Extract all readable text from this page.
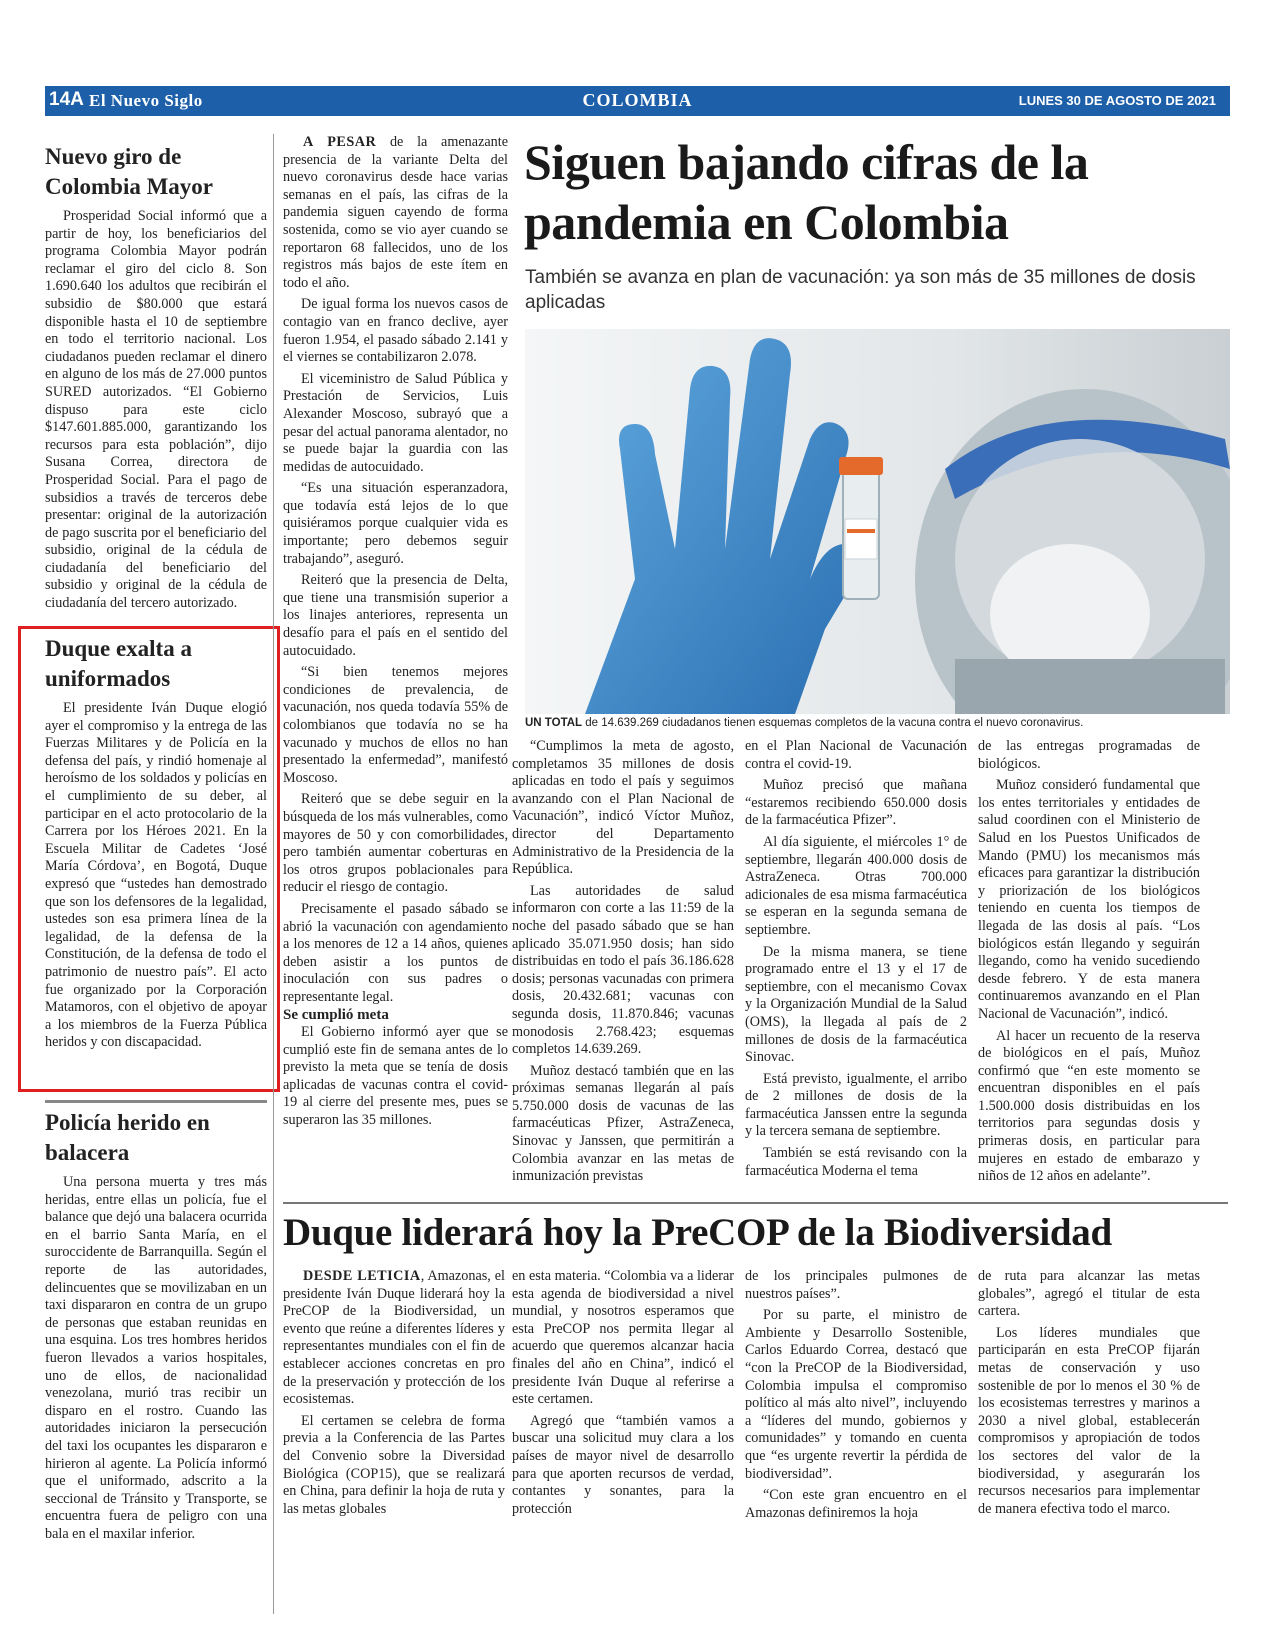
14A El Nuevo Siglo	COLOMBIA	LUNES 30 DE AGOSTO DE 2021
Nuevo giro de Colombia Mayor

Prosperidad Social informó que a partir de hoy, los beneficiarios del programa Colombia Mayor podrán reclamar el giro del ciclo 8. Son 1.690.640 los adultos que recibirán el subsidio de $80.000 que estará disponible hasta el 10 de septiembre en todo el territorio nacional. Los ciudadanos pueden reclamar el dinero en alguno de los más de 27.000 puntos SURED autorizados. “El Gobierno dispuso para este ciclo $147.601.885.000, garantizando los recursos para esta población”, dijo Susana Correa, directora de Prosperidad Social. Para el pago de subsidios a través de terceros debe presentar: original de la autorización de pago suscrita por el beneficiario del subsidio, original de la cédula de ciudadanía del beneficiario del subsidio y original de la cédula de ciudadanía del tercero autorizado.

Duque exalta a uniformados

El presidente Iván Duque elogió ayer el compromiso y la entrega de las Fuerzas Militares y de Policía en la defensa del país, y rindió homenaje al heroísmo de los soldados y policías en el cumplimiento de su deber, al participar en el acto protocolario de la Carrera por los Héroes 2021. En la Escuela Militar de Cadetes ‘José María Córdova’, en Bogotá, Duque expresó que “ustedes han demostrado que son los defensores de la legalidad, ustedes son esa primera línea de la legalidad, de la defensa de la Constitución, de la defensa de todo el patrimonio de nuestro país”. El acto fue organizado por la Corporación Matamoros, con el objetivo de apoyar a los miembros de la Fuerza Pública heridos y con discapacidad.

Policía herido en balacera

Una persona muerta y tres más heridas, entre ellas un policía, fue el balance que dejó una balacera ocurrida en el barrio Santa María, en el suroccidente de Barranquilla. Según el reporte de las autoridades, delincuentes que se movilizaban en un taxi dispararon en contra de un grupo de personas que estaban reunidas en una esquina. Los tres hombres heridos fueron llevados a varios hospitales, uno de ellos, de nacionalidad venezolana, murió tras recibir un disparo en el rostro. Cuando las autoridades iniciaron la persecución del taxi los ocupantes les dispararon e hirieron al agente. La Policía informó que el uniformado, adscrito a la seccional de Tránsito y Transporte, se encuentra fuera de peligro con una bala en el maxilar inferior.

A PESAR de la amenazante presencia de la variante Delta del nuevo coronavirus desde hace varias semanas en el país, las cifras de la pandemia siguen cayendo de forma sostenida, como se vio ayer cuando se reportaron 68 fallecidos, uno de los registros más bajos de este ítem en todo el año.

De igual forma los nuevos casos de contagio van en franco declive, ayer fueron 1.954, el pasado sábado 2.141 y el viernes se contabilizaron 2.078.

El viceministro de Salud Pública y Prestación de Servicios, Luis Alexander Moscoso, subrayó que a pesar del actual panorama alentador, no se puede bajar la guardia con las medidas de autocuidado.

“Es una situación esperanzadora, que todavía está lejos de lo que quisiéramos porque cualquier vida es importante; pero debemos seguir trabajando”, aseguró.

Reiteró que la presencia de Delta, que tiene una transmisión superior a los linajes anteriores, representa un desafío para el país en el sentido del autocuidado.

“Si bien tenemos mejores condiciones de prevalencia, de vacunación, nos queda todavía 55% de colombianos que todavía no se ha vacunado y muchos de ellos no han presentado la enfermedad”, manifestó Moscoso.

Reiteró que se debe seguir en la búsqueda de los más vulnerables, como mayores de 50 y con comorbilidades, pero también aumentar coberturas en los otros grupos poblacionales para reducir el riesgo de contagio.

Precisamente el pasado sábado se abrió la vacunación con agendamiento a los menores de 12 a 14 años, quienes deben asistir a los puntos de inoculación con sus padres o representante legal.

Se cumplió meta

El Gobierno informó ayer que se cumplió este fin de semana antes de lo previsto la meta que se tenía de dosis aplicadas de vacunas contra el covid-19 al cierre del presente mes, pues se superaron las 35 millones.

Siguen bajando cifras de la pandemia en Colombia
También se avanza en plan de vacunación: ya son más de 35 millones de dosis aplicadas
UN TOTAL de 14.639.269 ciudadanos tienen esquemas completos de la vacuna contra el nuevo coronavirus.

“Cumplimos la meta de agosto, completamos 35 millones de dosis aplicadas en todo el país y seguimos avanzando con el Plan Nacional de Vacunación”, indicó Víctor Muñoz, director del Departamento Administrativo de la Presidencia de la República.

Las autoridades de salud informaron con corte a las 11:59 de la noche del pasado sábado que se han aplicado 35.071.950 dosis; han sido distribuidas en todo el país 36.186.628 dosis; personas vacunadas con primera dosis, 20.432.681; vacunas con segunda dosis, 11.870.846; vacunas monodosis 2.768.423; esquemas completos 14.639.269.

Muñoz destacó también que en las próximas semanas llegarán al país 5.750.000 dosis de vacunas de las farmacéuticas Pfizer, AstraZeneca, Sinovac y Janssen, que permitirán a Colombia avanzar en las metas de inmunización previstas

en el Plan Nacional de Vacunación contra el covid-19.

Muñoz precisó que mañana “estaremos recibiendo 650.000 dosis de la farmacéutica Pfizer”.

Al día siguiente, el miércoles 1° de septiembre, llegarán 400.000 dosis de AstraZeneca. Otras 700.000 adicionales de esa misma farmacéutica se esperan en la segunda semana de septiembre.

De la misma manera, se tiene programado entre el 13 y el 17 de septiembre, con el mecanismo Covax y la Organización Mundial de la Salud (OMS), la llegada al país de 2 millones de dosis de la farmacéutica Sinovac.

Está previsto, igualmente, el arribo de 2 millones de dosis de la farmacéutica Janssen entre la segunda y la tercera semana de septiembre.

También se está revisando con la farmacéutica Moderna el tema

de las entregas programadas de biológicos.

Muñoz consideró fundamental que los entes territoriales y entidades de salud coordinen con el Ministerio de Salud en los Puestos Unificados de Mando (PMU) los mecanismos más eficaces para garantizar la distribución y priorización de los biológicos teniendo en cuenta los tiempos de llegada de las dosis al país. “Los biológicos están llegando y seguirán llegando, como ha venido sucediendo desde febrero. Y de esta manera continuaremos avanzando en el Plan Nacional de Vacunación”, indicó.

Al hacer un recuento de la reserva de biológicos en el país, Muñoz confirmó que “en este momento se encuentran disponibles en el país 1.500.000 dosis distribuidas en los territorios para segundas dosis y primeras dosis, en particular para mujeres en estado de embarazo y niños de 12 años en adelante”.

Duque liderará hoy la PreCOP de la Biodiversidad

DESDE LETICIA, Amazonas, el presidente Iván Duque liderará hoy la PreCOP de la Biodiversidad, un evento que reúne a diferentes líderes y representantes mundiales con el fin de establecer acciones concretas en pro de la preservación y protección de los ecosistemas.

El certamen se celebra de forma previa a la Conferencia de las Partes del Convenio sobre la Diversidad Biológica (COP15), que se realizará en China, para definir la hoja de ruta y las metas globales

en esta materia. “Colombia va a liderar esta agenda de biodiversidad a nivel mundial, y nosotros esperamos que esta PreCOP nos permita llegar al acuerdo que queremos alcanzar hacia finales del año en China”, indicó el presidente Iván Duque al referirse a este certamen.

Agregó que “también vamos a buscar una solicitud muy clara a los países de mayor nivel de desarrollo para que aporten recursos de verdad, contantes y sonantes, para la protección

de los principales pulmones de nuestros países”.

Por su parte, el ministro de Ambiente y Desarrollo Sostenible, Carlos Eduardo Correa, destacó que “con la PreCOP de la Biodiversidad, Colombia impulsa el compromiso político al más alto nivel”, incluyendo a “líderes del mundo, gobiernos y comunidades” y tomando en cuenta que “es urgente revertir la pérdida de biodiversidad”.

“Con este gran encuentro en el Amazonas definiremos la hoja

de ruta para alcanzar las metas globales”, agregó el titular de esta cartera.

Los líderes mundiales que participarán en esta PreCOP fijarán metas de conservación y uso sostenible de por lo menos el 30 % de los ecosistemas terrestres y marinos a 2030 a nivel global, establecerán compromisos y apropiación de todos los sectores del valor de la biodiversidad, y asegurarán los recursos necesarios para implementar de manera efectiva todo el marco.
